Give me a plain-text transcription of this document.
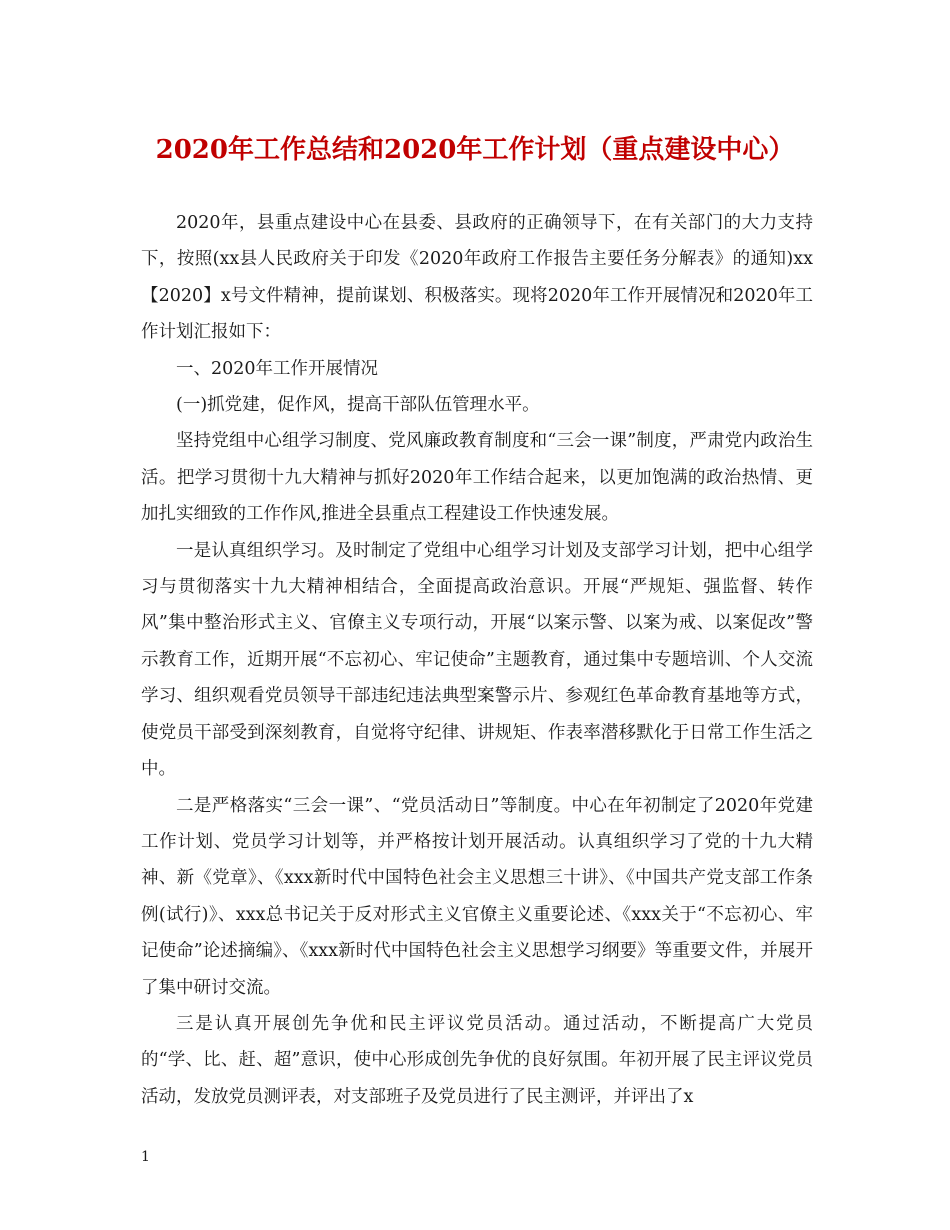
2020年工作总结和2020年工作计划（重点建设中心）

2020年，县重点建设中心在县委、县政府的正确领导下，在有关部门的大力支持下，按照(xx县人民政府关于印发《2020年政府工作报告主要任务分解表》的通知)xx【2020】x号文件精神，提前谋划、积极落实。现将2020年工作开展情况和2020年工作计划汇报如下：

一、2020年工作开展情况

(一)抓党建，促作风，提高干部队伍管理水平。

坚持党组中心组学习制度、党风廉政教育制度和“三会一课”制度，严肃党内政治生活。把学习贯彻十九大精神与抓好2020年工作结合起来，以更加饱满的政治热情、更加扎实细致的工作作风,推进全县重点工程建设工作快速发展。

一是认真组织学习。及时制定了党组中心组学习计划及支部学习计划，把中心组学习与贯彻落实十九大精神相结合，全面提高政治意识。开展“严规矩、强监督、转作风”集中整治形式主义、官僚主义专项行动，开展“以案示警、以案为戒、以案促改”警示教育工作，近期开展“不忘初心、牢记使命”主题教育，通过集中专题培训、个人交流学习、组织观看党员领导干部违纪违法典型案警示片、参观红色革命教育基地等方式，使党员干部受到深刻教育，自觉将守纪律、讲规矩、作表率潜移默化于日常工作生活之中。

二是严格落实“三会一课”、“党员活动日”等制度。中心在年初制定了2020年党建工作计划、党员学习计划等，并严格按计划开展活动。认真组织学习了党的十九大精神、新《党章》、《xxx新时代中国特色社会主义思想三十讲》、《中国共产党支部工作条例(试行)》、xxx总书记关于反对形式主义官僚主义重要论述、《xxx关于“不忘初心、牢记使命”论述摘编》、《xxx新时代中国特色社会主义思想学习纲要》等重要文件，并展开了集中研讨交流。

三是认真开展创先争优和民主评议党员活动。通过活动，不断提高广大党员的“学、比、赶、超”意识，使中心形成创先争优的良好氛围。年初开展了民主评议党员活动，发放党员测评表，对支部班子及党员进行了民主测评，并评出了x

1
